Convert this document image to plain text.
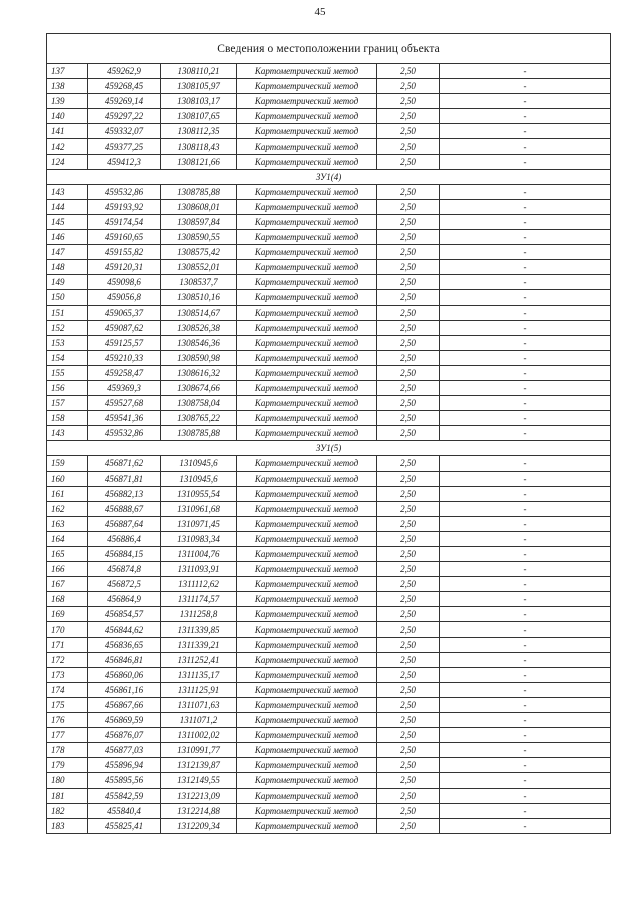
45
Сведения о местоположении границ объекта					
137	459262,9	1308110,21	Картометрический метод	2,50	-
138	459268,45	1308105,97	Картометрический метод	2,50	-
139	459269,14	1308103,17	Картометрический метод	2,50	-
140	459297,22	1308107,65	Картометрический метод	2,50	-
141	459332,07	1308112,35	Картометрический метод	2,50	-
142	459377,25	1308118,43	Картометрический метод	2,50	-
124	459412,3	1308121,66	Картометрический метод	2,50	-
ЗУ1(4)					
143	459532,86	1308785,88	Картометрический метод	2,50	-
144	459193,92	1308608,01	Картометрический метод	2,50	-
145	459174,54	1308597,84	Картометрический метод	2,50	-
146	459160,65	1308590,55	Картометрический метод	2,50	-
147	459155,82	1308575,42	Картометрический метод	2,50	-
148	459120,31	1308552,01	Картометрический метод	2,50	-
149	459098,6	1308537,7	Картометрический метод	2,50	-
150	459056,8	1308510,16	Картометрический метод	2,50	-
151	459065,37	1308514,67	Картометрический метод	2,50	-
152	459087,62	1308526,38	Картометрический метод	2,50	-
153	459125,57	1308546,36	Картометрический метод	2,50	-
154	459210,33	1308590,98	Картометрический метод	2,50	-
155	459258,47	1308616,32	Картометрический метод	2,50	-
156	459369,3	1308674,66	Картометрический метод	2,50	-
157	459527,68	1308758,04	Картометрический метод	2,50	-
158	459541,36	1308765,22	Картометрический метод	2,50	-
143	459532,86	1308785,88	Картометрический метод	2,50	-
ЗУ1(5)					
159	456871,62	1310945,6	Картометрический метод	2,50	-
160	456871,81	1310945,6	Картометрический метод	2,50	-
161	456882,13	1310955,54	Картометрический метод	2,50	-
162	456888,67	1310961,68	Картометрический метод	2,50	-
163	456887,64	1310971,45	Картометрический метод	2,50	-
164	456886,4	1310983,34	Картометрический метод	2,50	-
165	456884,15	1311004,76	Картометрический метод	2,50	-
166	456874,8	1311093,91	Картометрический метод	2,50	-
167	456872,5	1311112,62	Картометрический метод	2,50	-
168	456864,9	1311174,57	Картометрический метод	2,50	-
169	456854,57	1311258,8	Картометрический метод	2,50	-
170	456844,62	1311339,85	Картометрический метод	2,50	-
171	456836,65	1311339,21	Картометрический метод	2,50	-
172	456846,81	1311252,41	Картометрический метод	2,50	-
173	456860,06	1311135,17	Картометрический метод	2,50	-
174	456861,16	1311125,91	Картометрический метод	2,50	-
175	456867,66	1311071,63	Картометрический метод	2,50	-
176	456869,59	1311071,2	Картометрический метод	2,50	-
177	456876,07	1311002,02	Картометрический метод	2,50	-
178	456877,03	1310991,77	Картометрический метод	2,50	-
179	455896,94	1312139,87	Картометрический метод	2,50	-
180	455895,56	1312149,55	Картометрический метод	2,50	-
181	455842,59	1312213,09	Картометрический метод	2,50	-
182	455840,4	1312214,88	Картометрический метод	2,50	-
183	455825,41	1312209,34	Картометрический метод	2,50	-
